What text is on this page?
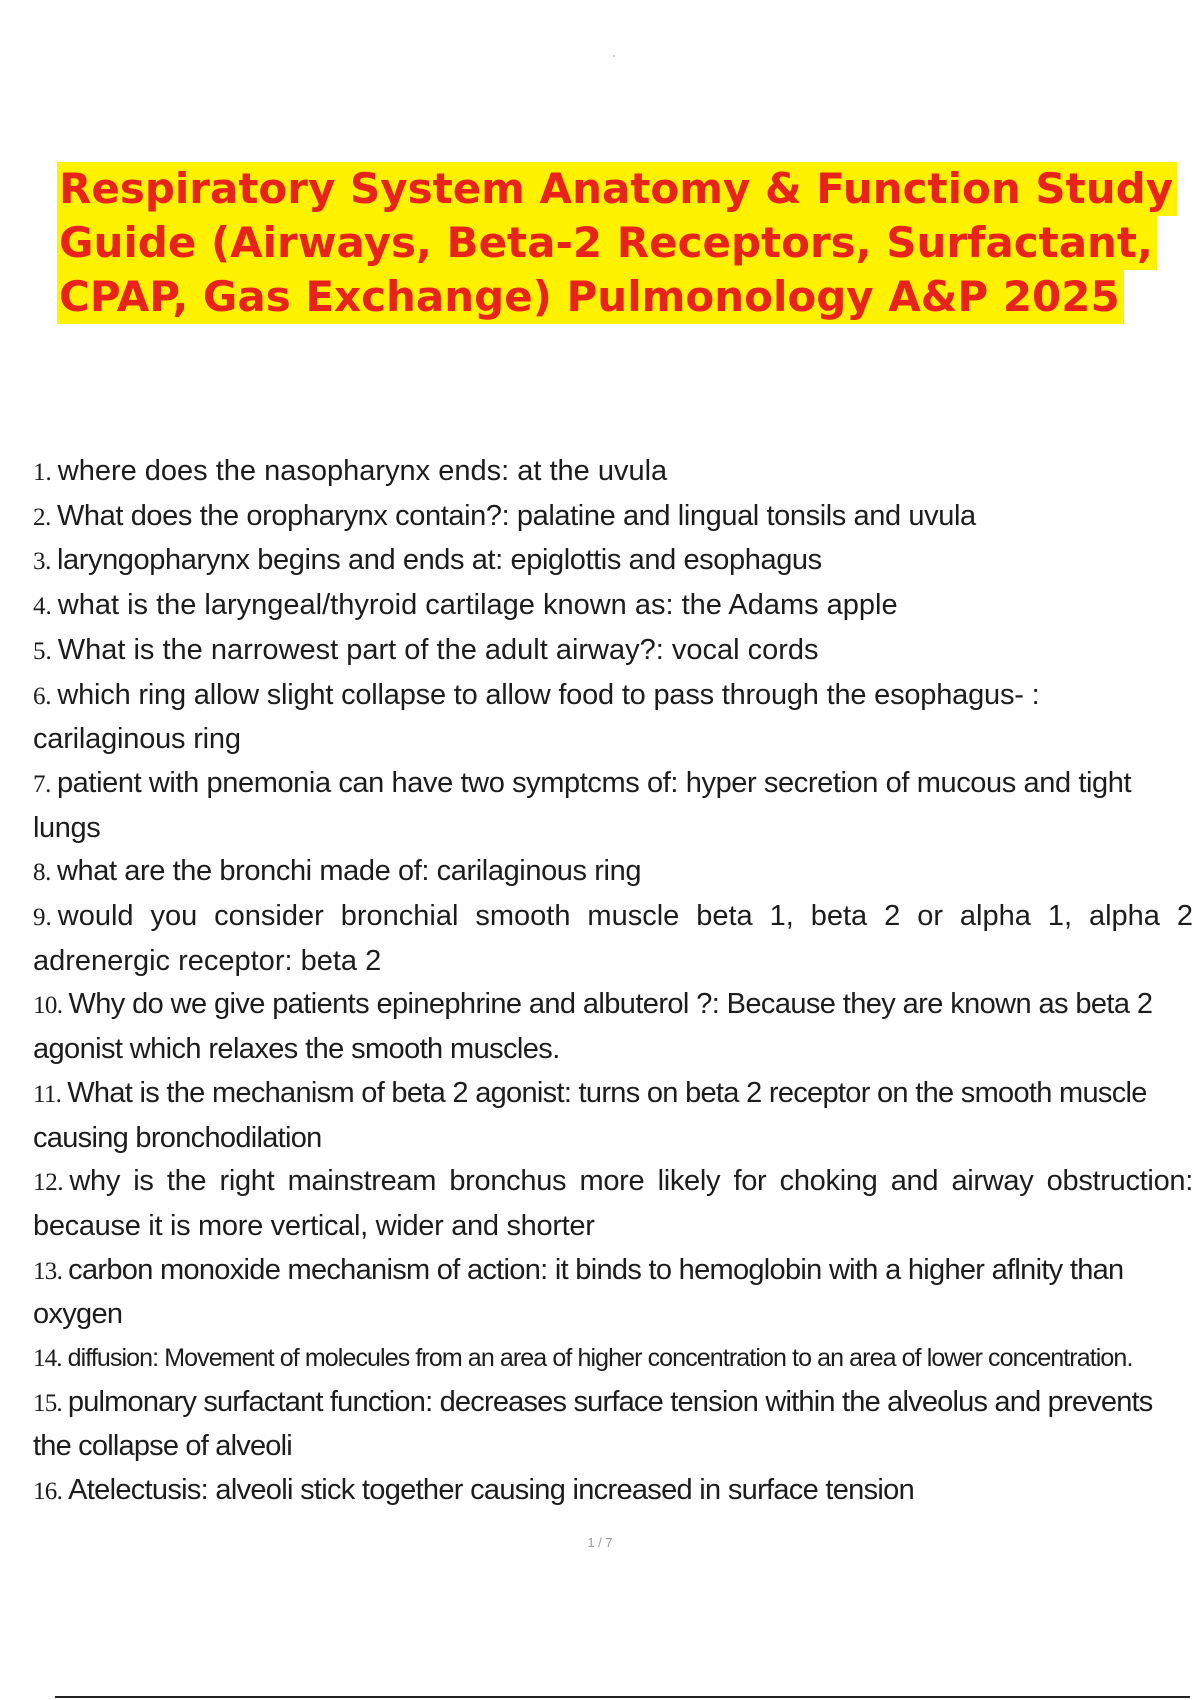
Respiratory System Anatomy & Function Study
Guide (Airways, Beta-2 Receptors, Surfactant,
CPAP, Gas Exchange) Pulmonology A&P 2025
1. where does the nasopharynx ends: at the uvula
2. What does the oropharynx contain?: palatine and lingual tonsils and uvula
3. laryngopharynx begins and ends at: epiglottis and esophagus
4. what is the laryngeal/thyroid cartilage known as: the Adams apple
5. What is the narrowest part of the adult airway?: vocal cords
6. which ring allow slight collapse to allow food to pass through the esophagus- : carilaginous ring
7. patient with pnemonia can have two symptcms of: hyper secretion of mucous and tight lungs
8. what are the bronchi made of: carilaginous ring
9. would you consider bronchial smooth muscle beta 1, beta 2 or alpha 1, alpha 2 adrenergic receptor: beta 2
10. Why do we give patients epinephrine and albuterol ?: Because they are known as beta 2 agonist which relaxes the smooth muscles.
11. What is the mechanism of beta 2 agonist: turns on beta 2 receptor on the smooth muscle causing bronchodilation
12. why is the right mainstream bronchus more likely for choking and airway obstruction: because it is more vertical, wider and shorter
13. carbon monoxide mechanism of action: it binds to hemoglobin with a higher aflnity than oxygen
14. diffusion: Movement of molecules from an area of higher concentration to an area of lower concentration.
15. pulmonary surfactant function: decreases surface tension within the alveolus and prevents the collapse of alveoli
16. Atelectusis: alveoli stick together causing increased in surface tension
1 / 7
